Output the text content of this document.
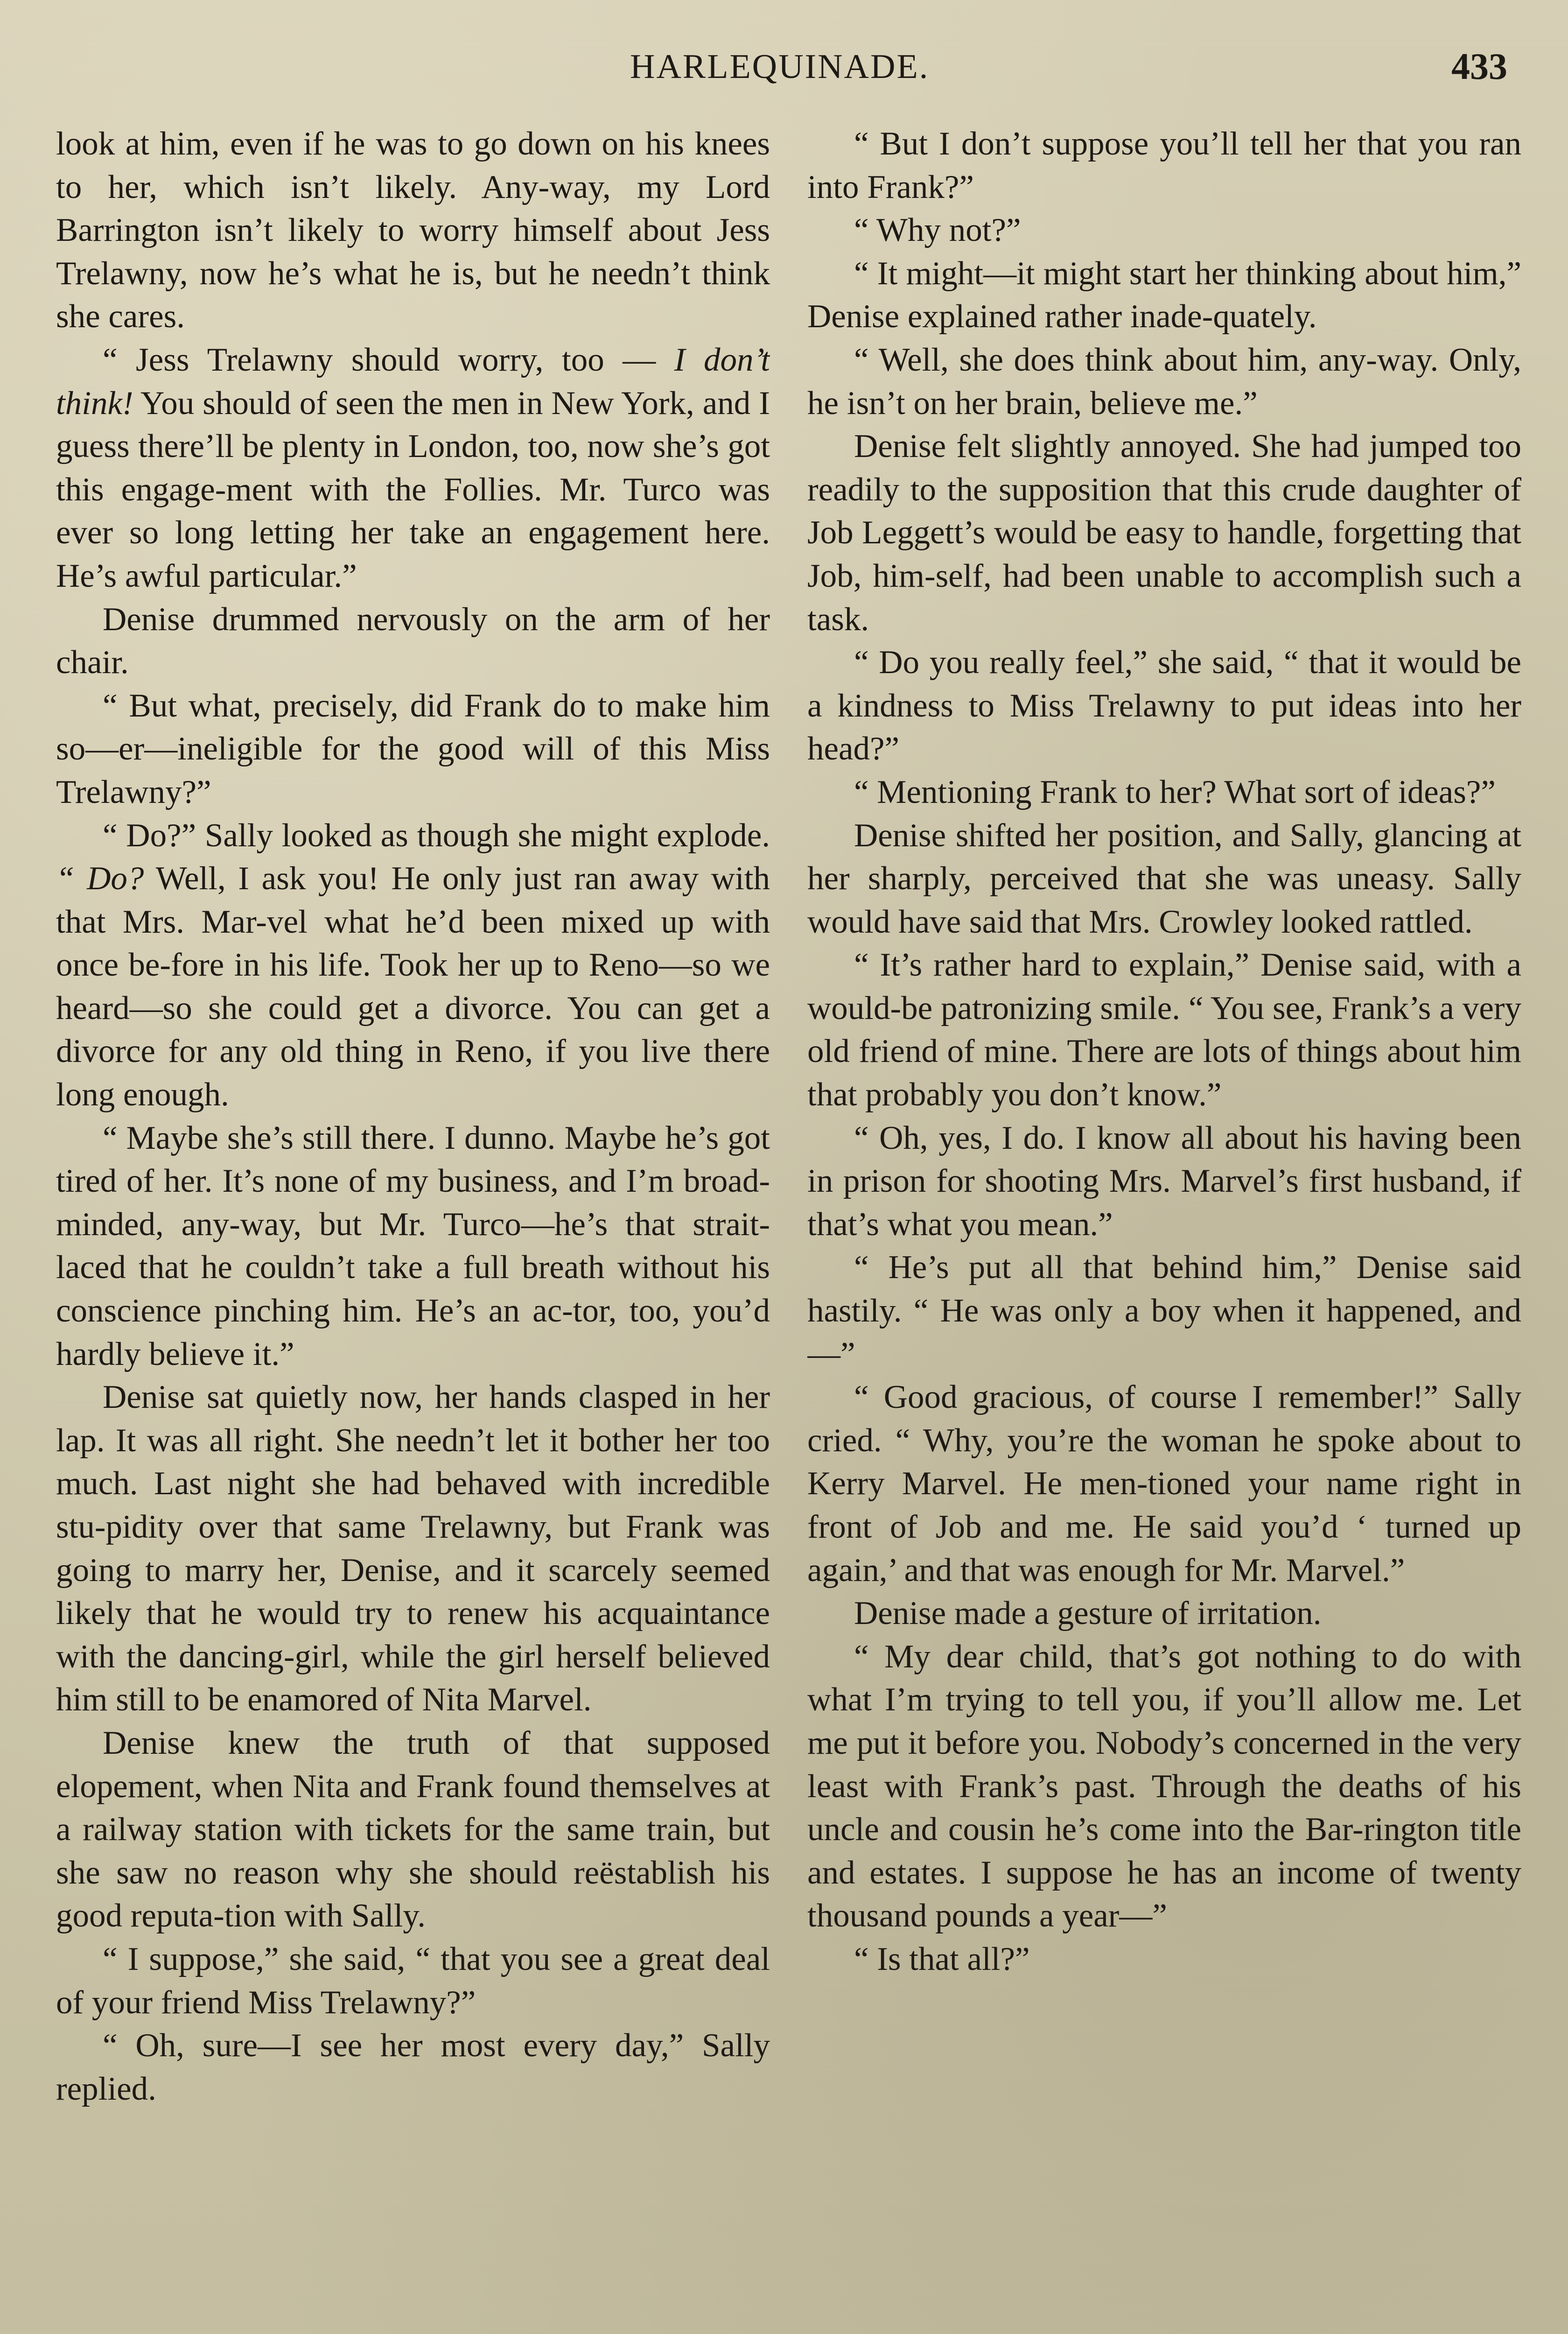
HARLEQUINADE.	433

look at him, even if he was to go down on his knees to her, which isn’t likely. Any-way, my Lord Barrington isn’t likely to worry himself about Jess Trelawny, now he’s what he is, but he needn’t think she cares.

“ Jess Trelawny should worry, too — I don’t think! You should of seen the men in New York, and I guess there’ll be plenty in London, too, now she’s got this engage-ment with the Follies. Mr. Turco was ever so long letting her take an engagement here. He’s awful particular.”

Denise drummed nervously on the arm of her chair.

“ But what, precisely, did Frank do to make him so—er—ineligible for the good will of this Miss Trelawny?”

“ Do?” Sally looked as though she might explode. “ Do? Well, I ask you! He only just ran away with that Mrs. Mar-vel what he’d been mixed up with once be-fore in his life. Took her up to Reno—so we heard—so she could get a divorce. You can get a divorce for any old thing in Reno, if you live there long enough.

“ Maybe she’s still there. I dunno. Maybe he’s got tired of her. It’s none of my business, and I’m broad-minded, any-way, but Mr. Turco—he’s that strait-laced that he couldn’t take a full breath without his conscience pinching him. He’s an ac-tor, too, you’d hardly believe it.”

Denise sat quietly now, her hands clasped in her lap. It was all right. She needn’t let it bother her too much. Last night she had behaved with incredible stu-pidity over that same Trelawny, but Frank was going to marry her, Denise, and it scarcely seemed likely that he would try to renew his acquaintance with the dancing-girl, while the girl herself believed him still to be enamored of Nita Marvel.

Denise knew the truth of that supposed elopement, when Nita and Frank found themselves at a railway station with tickets for the same train, but she saw no reason why she should reëstablish his good reputa-tion with Sally.

“ I suppose,” she said, “ that you see a great deal of your friend Miss Trelawny?”

“ Oh, sure—I see her most every day,” Sally replied.

“ But I don’t suppose you’ll tell her that you ran into Frank?”

“ Why not?”

“ It might—it might start her thinking about him,” Denise explained rather inade-quately.

“ Well, she does think about him, any-way. Only, he isn’t on her brain, believe me.”

Denise felt slightly annoyed. She had jumped too readily to the supposition that this crude daughter of Job Leggett’s would be easy to handle, forgetting that Job, him-self, had been unable to accomplish such a task.

“ Do you really feel,” she said, “ that it would be a kindness to Miss Trelawny to put ideas into her head?”

“ Mentioning Frank to her? What sort of ideas?”

Denise shifted her position, and Sally, glancing at her sharply, perceived that she was uneasy. Sally would have said that Mrs. Crowley looked rattled.

“ It’s rather hard to explain,” Denise said, with a would-be patronizing smile. “ You see, Frank’s a very old friend of mine. There are lots of things about him that probably you don’t know.”

“ Oh, yes, I do. I know all about his having been in prison for shooting Mrs. Marvel’s first husband, if that’s what you mean.”

“ He’s put all that behind him,” Denise said hastily. “ He was only a boy when it happened, and—”

“ Good gracious, of course I remember!” Sally cried. “ Why, you’re the woman he spoke about to Kerry Marvel. He men-tioned your name right in front of Job and me. He said you’d ‘ turned up again,’ and that was enough for Mr. Marvel.”

Denise made a gesture of irritation.

“ My dear child, that’s got nothing to do with what I’m trying to tell you, if you’ll allow me. Let me put it before you. Nobody’s concerned in the very least with Frank’s past. Through the deaths of his uncle and cousin he’s come into the Bar-rington title and estates. I suppose he has an income of twenty thousand pounds a year—”

“ Is that all?”
